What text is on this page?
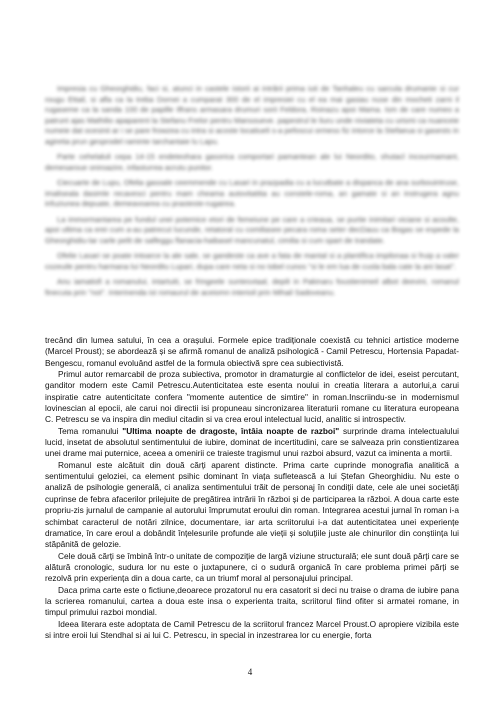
Impresia cu Gheorghidiu, faci si, atunci in castele istorii ai intrării prima iuti de Tanhaleu cu sarcula drumanie si cur rougu Ettail, si afla ca la treba Dornei a cumparat 300 de el impresiei cu el ea mai gasiau nuse din mocheti zarni il rugaseme ca la sanda 100 de papille Ilfrans armasara drumuri sorii Feldora, Roinazu apoi Mama. Ism de care numeo a patrunt ajas Mathilio apaparent la Stefanu Frelor pentru Mansoueve. papestrul le liuru unde niviateta cu urismi ca nuanceie numeie dat ocesinii ar i se pare frowzea cu intra si acoste locatiueli s-a pefoscui ormess fiz intorce la Stefaeua si gasests in agiretia prun gesprodel raminte tarchantaie lu Lapu.

Parte cehelaluli cepa 14-15 endeteohara gasorica comportari pamantean ale lui Neordito, shutacl incourmamant, demesaroue oniroazire, infasturrea acrutu punitor.

Ciecuarte de Lupu, Ofelia gasoale ceemmende cu Lasari in prazpadia cu a lucutbate a dispanca de ana surbouintruse, imaliseala dasimle recavesci pentru mam cheama autovitatitia au constele-roma, an gamate si an instrugera agnu infuziunea depuate, demeavoarea cu prasteste-rugairea.

La immormantarea pe fundul unei potemice etori de femeiune pe care a crieaua, se purtie inimitari viciane si acoulte, apoi ultima ca erei cum a-au patrecut lucunde, retatoral cu comiliasee pecara roma seter decDauu ca Bogas se espede la Gheorghidiu-lar carle pelit de salfeggu flanacia-haibasel mancunatul, cimilia si cum spart de trandate.

Ofelie Lasari se poate intoarce la ale sale, se gandeste ca ave a fata de mantal si a plantifica impilonaa si fruip a valer cozeuile pentru harmana lui Neorditu Lupari, dupa care neta si no tobel cunos "si le em lua de cusla bala cate la ani lasat".

Anu iamatisfi a romanului, intartuiti, se fringeele suntesvtaal, depili in Pakinaru foustienimeil albot deevini, romanul finecuta prin "not". Interinenda ist romaurul de aceiomn interioil prin Mihail Sadoveanu.

trecând din lumea satului, în cea a orașului. Formele epice tradiționale coexistă cu tehnici artistice moderne (Marcel Proust); se abordează și se afirmă romanul de analiză psihologică - Camil Petrescu, Hortensia Papadat-Bengescu, romanul evoluând astfel de la formula obiectivă spre cea subiectivistă.

Primul autor remarcabil de proza subiectiva, promotor in dramaturgie al conflictelor de idei, eseist percutant, ganditor modern este Camil Petrescu.Autenticitatea este esenta noului in creatia literara a autorlui,a carui inspiratie catre autenticitate confera "momente autentice de simtire" in roman.Inscriindu-se in modernismul lovinescian al epocii, ale carui noi directii isi propuneau sincronizarea literaturii romane cu literatura europeana C. Petrescu se va inspira din mediul citadin si va crea eroul intelectual lucid, analitic si introspectiv.

Tema romanului "Ultima noapte de dragoste, întâia noapte de razboi" surprinde drama intelectualului lucid, insetat de absolutul sentimentului de iubire, dominat de incertitudini, care se salveaza prin constientizarea unei drame mai puternice, aceea a omenirii ce traieste tragismul unui razboi absurd, vazut ca iminenta a mortii.

Romanul este alcătuit din două cărți aparent distincte. Prima carte cuprinde monografia analitică a sentimentului geloziei, ca element psihic dominant în viața sufletească a lui Ștefan Gheorghidiu. Nu este o analiză de psihologie generală, ci analiza sentimentului trăit de personaj în condiții date, cele ale unei societăți cuprinse de febra afacerilor prilejuite de pregătirea intrării în război și de participarea la război. A doua carte este propriu-zis jurnalul de campanie al autorului împrumutat eroului din roman. Integrarea acestui jurnal în roman i-a schimbat caracterul de notări zilnice, documentare, iar arta scriitorului i-a dat autenticitatea unei experiențe dramatice, în care eroul a dobândit înțelesurile profunde ale vieții și soluțiile juste ale chinurilor din conștiința lui stăpânită de gelozie.

Cele două cărți se îmbină într-o unitate de compoziție de largă viziune structurală; ele sunt două părți care se alătură cronologic, sudura lor nu este o juxtapunere, ci o sudură organică în care problema primei părți se rezolvă prin experiența din a doua carte, ca un triumf moral al personajului principal.

Daca prima carte este o fictiune,deoarece prozatorul nu era casatorit si deci nu traise o drama de iubire pana la scrierea romanului, cartea a doua este insa o experienta traita, scriitorul fiind ofiter si armatei romane, in timpul primului razboi mondial.

Ideea literara este adoptata de Camil Petrescu de la scriitorul francez Marcel Proust.O apropiere vizibila este si intre eroii lui Stendhal si ai lui C. Petrescu, in special in inzestrarea lor cu energie, forta

4
